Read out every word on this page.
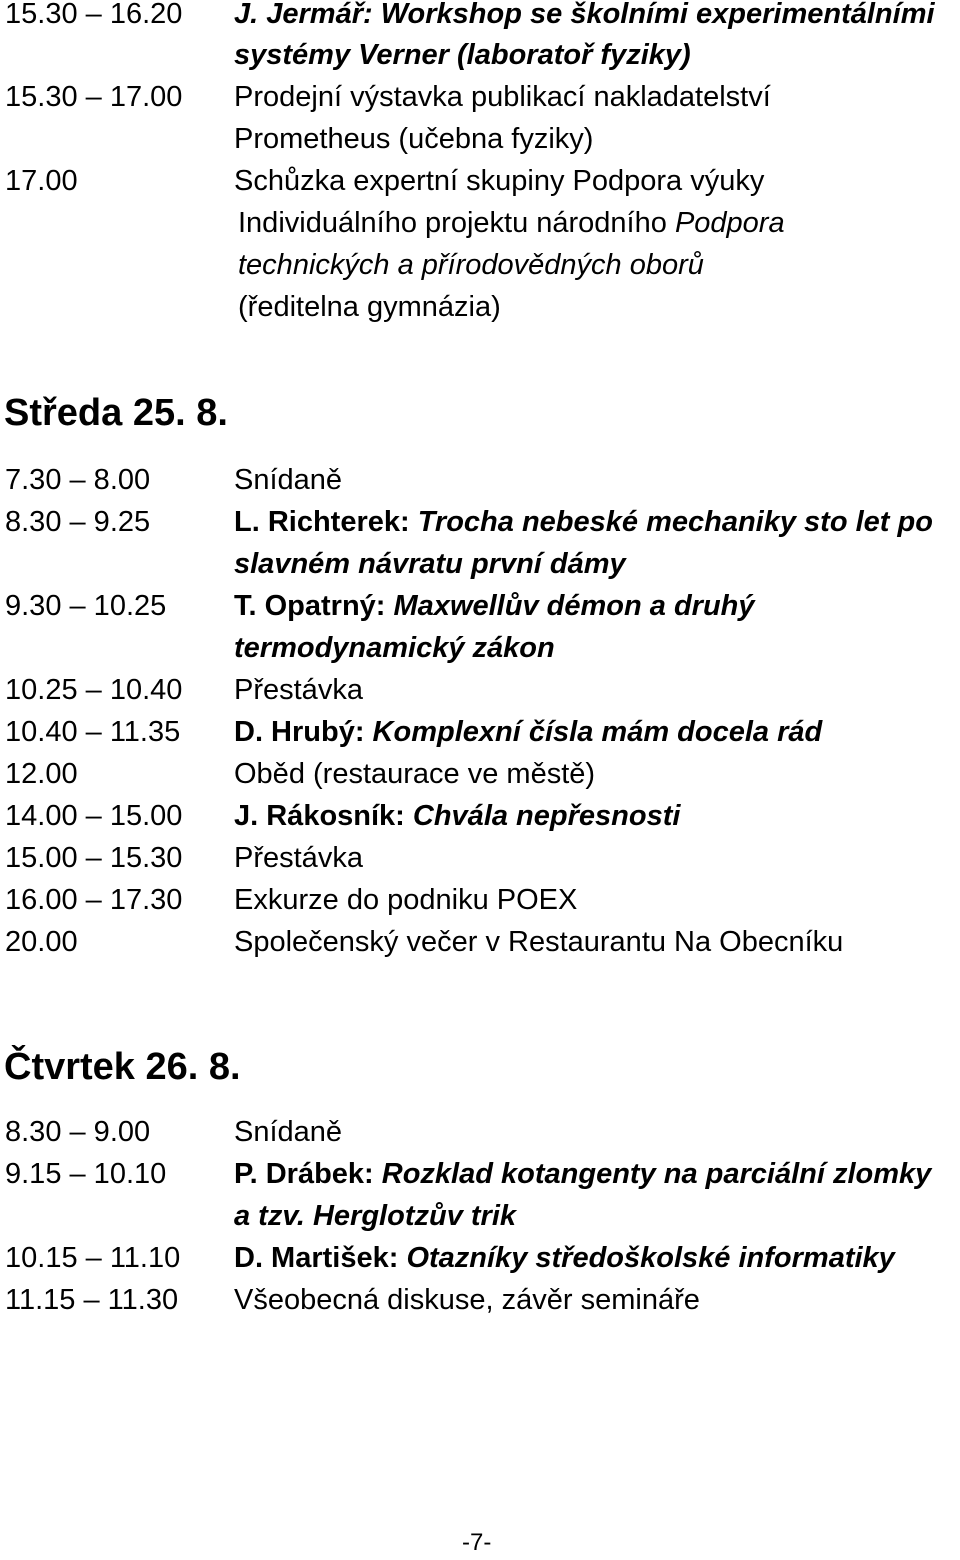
15.30 – 16.20 J. Jermář: Workshop se školními experimentálními
systémy Verner (laboratoř fyziky)
15.30 – 17.00 Prodejní výstavka publikací nakladatelství
Prometheus (učebna fyziky)
17.00	Schůzka expertní skupiny Podpora výuky
Individuálního projektu národního Podpora
technických a přírodovědných oborů
(ředitelna gymnázia)
Středa 25. 8.
7.30 – 8.00	Snídaně
8.30 – 9.25	L. Richterek: Trocha nebeské mechaniky sto let po
slavném návratu první dámy
9.30 – 10.25 T. Opatrný: Maxwellův démon a druhý
termodynamický zákon
10.25 – 10.40 Přestávka
10.40 – 11.35 D. Hrubý: Komplexní čísla mám docela rád
12.00	Oběd (restaurace ve městě)
14.00 – 15.00 J. Rákosník: Chvála nepřesnosti
15.00 – 15.30 Přestávka
16.00 – 17.30 Exkurze do podniku POEX
20.00	Společenský večer v Restaurantu Na Obecníku
Čtvrtek 26. 8.
8.30 – 9.00	Snídaně
9.15 – 10.10 P. Drábek: Rozklad kotangenty na parciální zlomky
a tzv. Herglotzův trik
10.15 – 11.10 D. Martišek: Otazníky středoškolské informatiky
11.15 – 11.30 Všeobecná diskuse, závěr semináře
-7-
